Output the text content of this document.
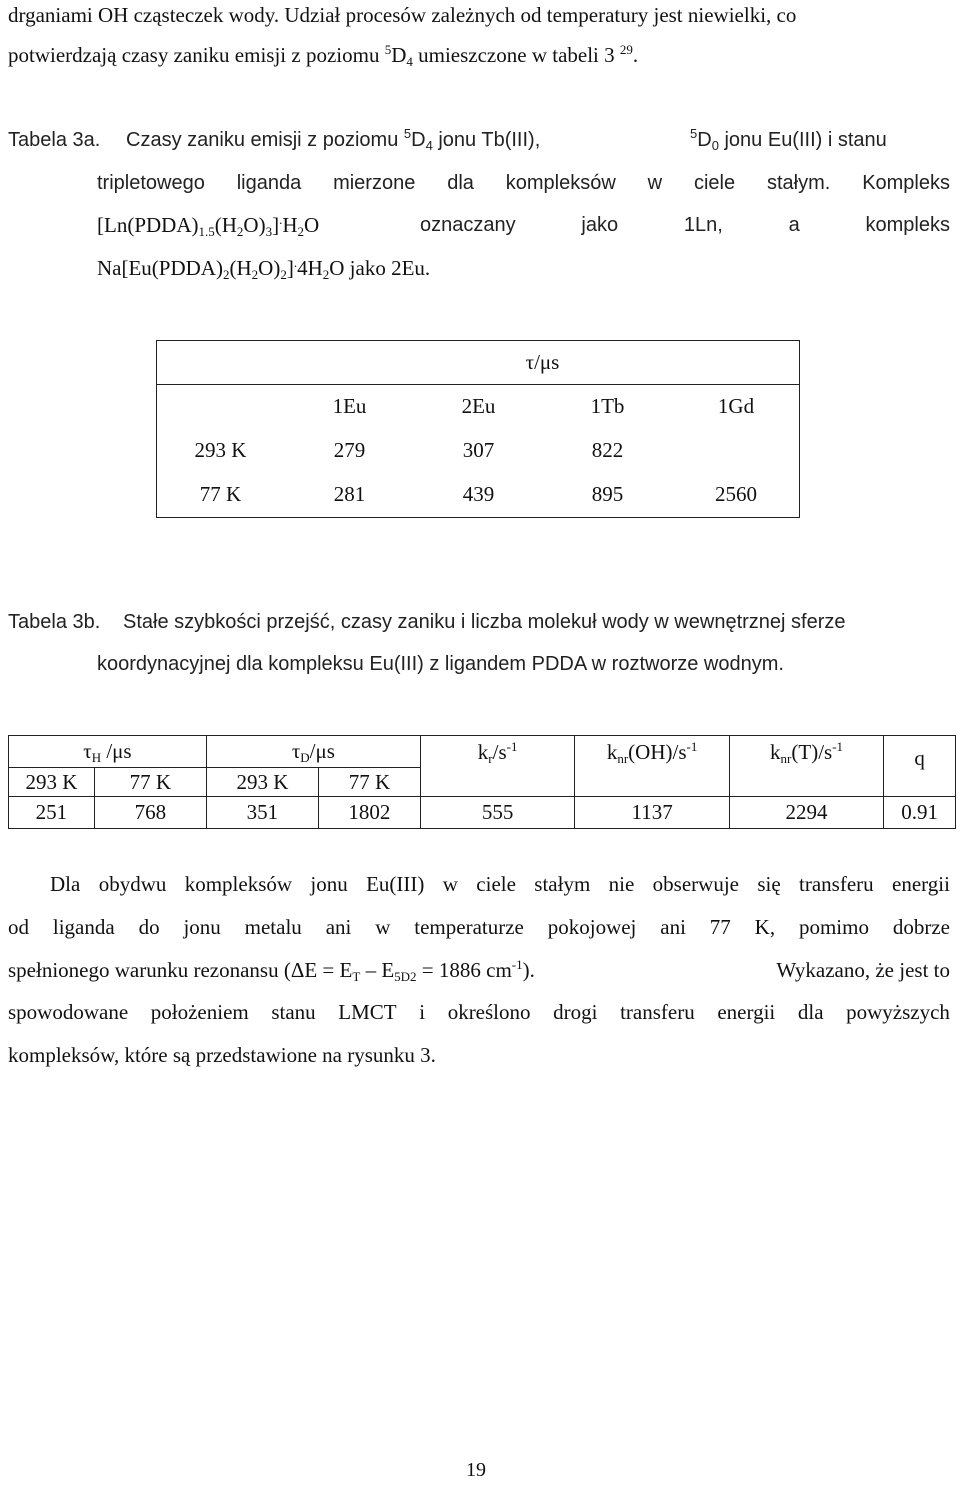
drganiami OH cząsteczek wody. Udział procesów zależnych od temperatury jest niewielki, co
potwierdzają czasy zaniku emisji z poziomu $^5D_4$ umieszczone w tabeli 3 $^{29}$.
Tabela 3a. Czasy zaniku emisji z poziomu $^5D_4$ jonu Tb(III),	$^5D_0$ jonu Eu(III) i stanu
tripletowego liganda mierzone dla kompleksów w ciele stałym. Kompleks
$[Ln(PDDA)_{1.5}(H_2O)_3]^.H_2O$	oznaczany	jako	1Ln,	a	kompleks
$Na[Eu(PDDA)_2(H_2O)_2]^.4H_2O$ jako 2Eu.
	τ/μs			
	1Eu	2Eu	1Tb	1Gd
293 K	279	307	822	
77 K	281	439	895	2560
Tabela 3b. Stałe szybkości przejść, czasy zaniku i liczba molekuł wody w wewnętrznej sferze
koordynacyjnej dla kompleksu Eu(III) z ligandem PDDA w roztworze wodnym.
$\tau_H$ /μs		$\tau_D/\mu s$		$k_r/s^{-1}$	$k_{nr}(OH)/s^{-1}$	$k_{nr}(T)/s^{-1}$	q
293 K	77 K	293 K	77 K				
251	768	351	1802	555	1137	2294	0.91
Dla obydwu kompleksów jonu Eu(III) w ciele stałym nie obserwuje się transferu energii
od liganda do jonu metalu ani w temperaturze pokojowej ani 77 K, pomimo dobrze
spełnionego warunku rezonansu ($\Delta E = E_T - E_{5D2} = 1886$ $cm^{-1}$).	Wykazano, że jest to
spowodowane położeniem stanu LMCT i określono drogi transferu energii dla powyższych
kompleksów, które są przedstawione na rysunku 3.
19
